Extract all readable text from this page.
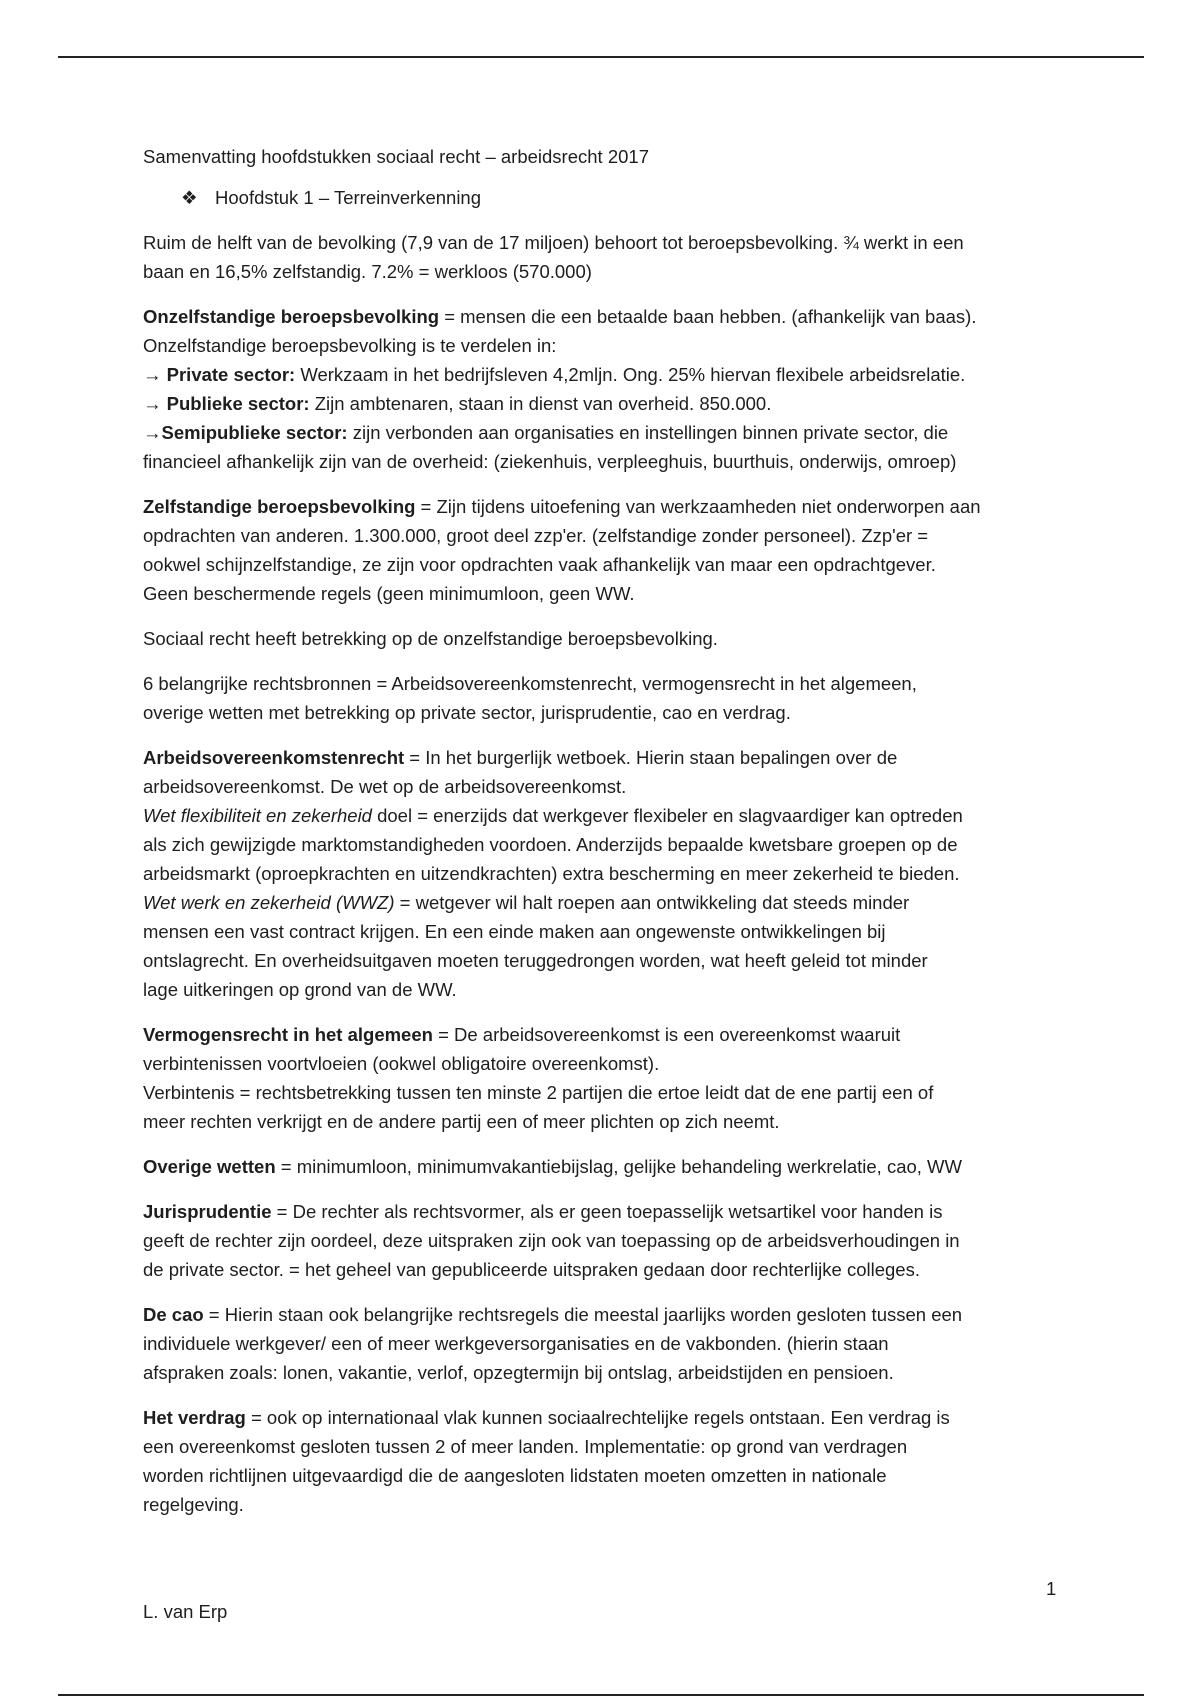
Samenvatting hoofdstukken sociaal recht – arbeidsrecht 2017
❖ Hoofdstuk 1 – Terreinverkenning
Ruim de helft van de bevolking (7,9 van de 17 miljoen) behoort tot beroepsbevolking. ¾ werkt in een
baan en 16,5% zelfstandig. 7.2% = werkloos (570.000)
Onzelfstandige beroepsbevolking = mensen die een betaalde baan hebben. (afhankelijk van baas).
Onzelfstandige beroepsbevolking is te verdelen in:
→ Private sector: Werkzaam in het bedrijfsleven 4,2mljn. Ong. 25% hiervan flexibele arbeidsrelatie.
→ Publieke sector: Zijn ambtenaren, staan in dienst van overheid. 850.000.
→Semipublieke sector: zijn verbonden aan organisaties en instellingen binnen private sector, die
financieel afhankelijk zijn van de overheid: (ziekenhuis, verpleeghuis, buurthuis, onderwijs, omroep)
Zelfstandige beroepsbevolking = Zijn tijdens uitoefening van werkzaamheden niet onderworpen aan
opdrachten van anderen. 1.300.000, groot deel zzp'er. (zelfstandige zonder personeel). Zzp'er =
ookwel schijnzelfstandige, ze zijn voor opdrachten vaak afhankelijk van maar een opdrachtgever.
Geen beschermende regels (geen minimumloon, geen WW.
Sociaal recht heeft betrekking op de onzelfstandige beroepsbevolking.
6 belangrijke rechtsbronnen = Arbeidsovereenkomstenrecht, vermogensrecht in het algemeen,
overige wetten met betrekking op private sector, jurisprudentie, cao en verdrag.
Arbeidsovereenkomstenrecht = In het burgerlijk wetboek. Hierin staan bepalingen over de
arbeidsovereenkomst. De wet op de arbeidsovereenkomst.
Wet flexibiliteit en zekerheid doel = enerzijds dat werkgever flexibeler en slagvaardiger kan optreden
als zich gewijzigde marktomstandigheden voordoen. Anderzijds bepaalde kwetsbare groepen op de
arbeidsmarkt (oproepkrachten en uitzendkrachten) extra bescherming en meer zekerheid te bieden.
Wet werk en zekerheid (WWZ) = wetgever wil halt roepen aan ontwikkeling dat steeds minder
mensen een vast contract krijgen. En een einde maken aan ongewenste ontwikkelingen bij
ontslagrecht. En overheidsuitgaven moeten teruggedrongen worden, wat heeft geleid tot minder
lage uitkeringen op grond van de WW.
Vermogensrecht in het algemeen = De arbeidsovereenkomst is een overeenkomst waaruit
verbintenissen voortvloeien (ookwel obligatoire overeenkomst).
Verbintenis = rechtsbetrekking tussen ten minste 2 partijen die ertoe leidt dat de ene partij een of
meer rechten verkrijgt en de andere partij een of meer plichten op zich neemt.
Overige wetten = minimumloon, minimumvakantiebijslag, gelijke behandeling werkrelatie, cao, WW
Jurisprudentie = De rechter als rechtsvormer, als er geen toepasselijk wetsartikel voor handen is
geeft de rechter zijn oordeel, deze uitspraken zijn ook van toepassing op de arbeidsverhoudingen in
de private sector. = het geheel van gepubliceerde uitspraken gedaan door rechterlijke colleges.
De cao = Hierin staan ook belangrijke rechtsregels die meestal jaarlijks worden gesloten tussen een
individuele werkgever/ een of meer werkgeversorganisaties en de vakbonden. (hierin staan
afspraken zoals: lonen, vakantie, verlof, opzegtermijn bij ontslag, arbeidstijden en pensioen.
Het verdrag = ook op internationaal vlak kunnen sociaalrechtelijke regels ontstaan. Een verdrag is
een overeenkomst gesloten tussen 2 of meer landen. Implementatie: op grond van verdragen
worden richtlijnen uitgevaardigd die de aangesloten lidstaten moeten omzetten in nationale
regelgeving.
1
L. van Erp
